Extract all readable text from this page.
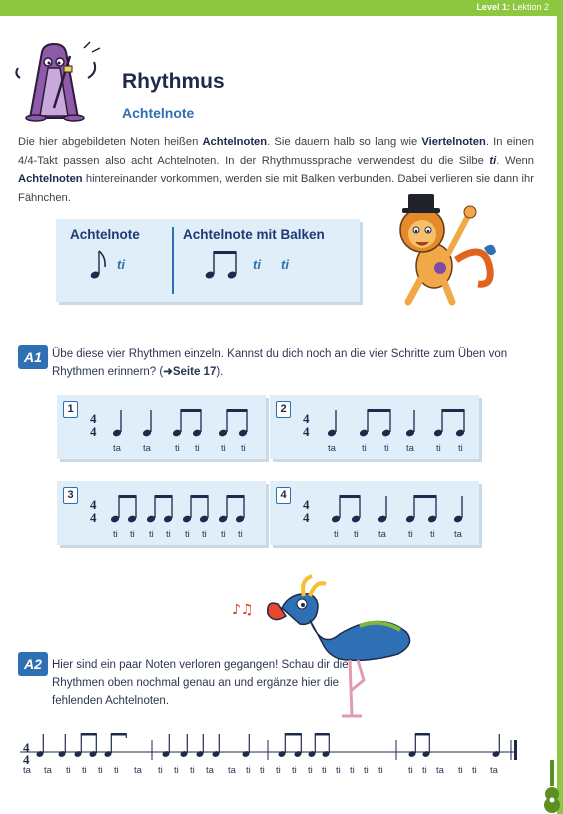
Level 1: Lektion 2
Rhythmus
Achtelnote

Die hier abgebildeten Noten heißen Achtelnoten. Sie dauern halb so lang wie Viertelnoten. In einen 4/4-Takt passen also acht Achtelnoten. In der Rhythmussprache verwendest du die Silbe ti. Wenn Achtelnoten hintereinander vorkommen, werden sie mit Balken verbunden. Dabei verlieren sie dann ihr Fähnchen.

Achtelnote	Achtelnote mit Balken
ti	ti ti
A1 Übe diese vier Rhythmen einzeln. Kannst du dich noch an die vier Schritte zum Üben von Rhythmen erinnern? (➜Seite 17).

1
4
4
ta ta	ti ti ti ti
2
4
4
ta	ti ti ta ti ti
3
4
4
ti ti ti ti ti ti ti ti
4
4
4
ti ti ta ti ti ta
♪♫
A2 Hier sind ein paar Noten verloren gegangen! Schau dir die Rhythmen oben nochmal genau an und ergänze hier die fehlenden Achtelnoten.

4
4
ta ta ti ti ti ti ta ti ti ti ta ta ti ti ti ti ti ti ti ti ti ti	ti ti ta ti ti ta
